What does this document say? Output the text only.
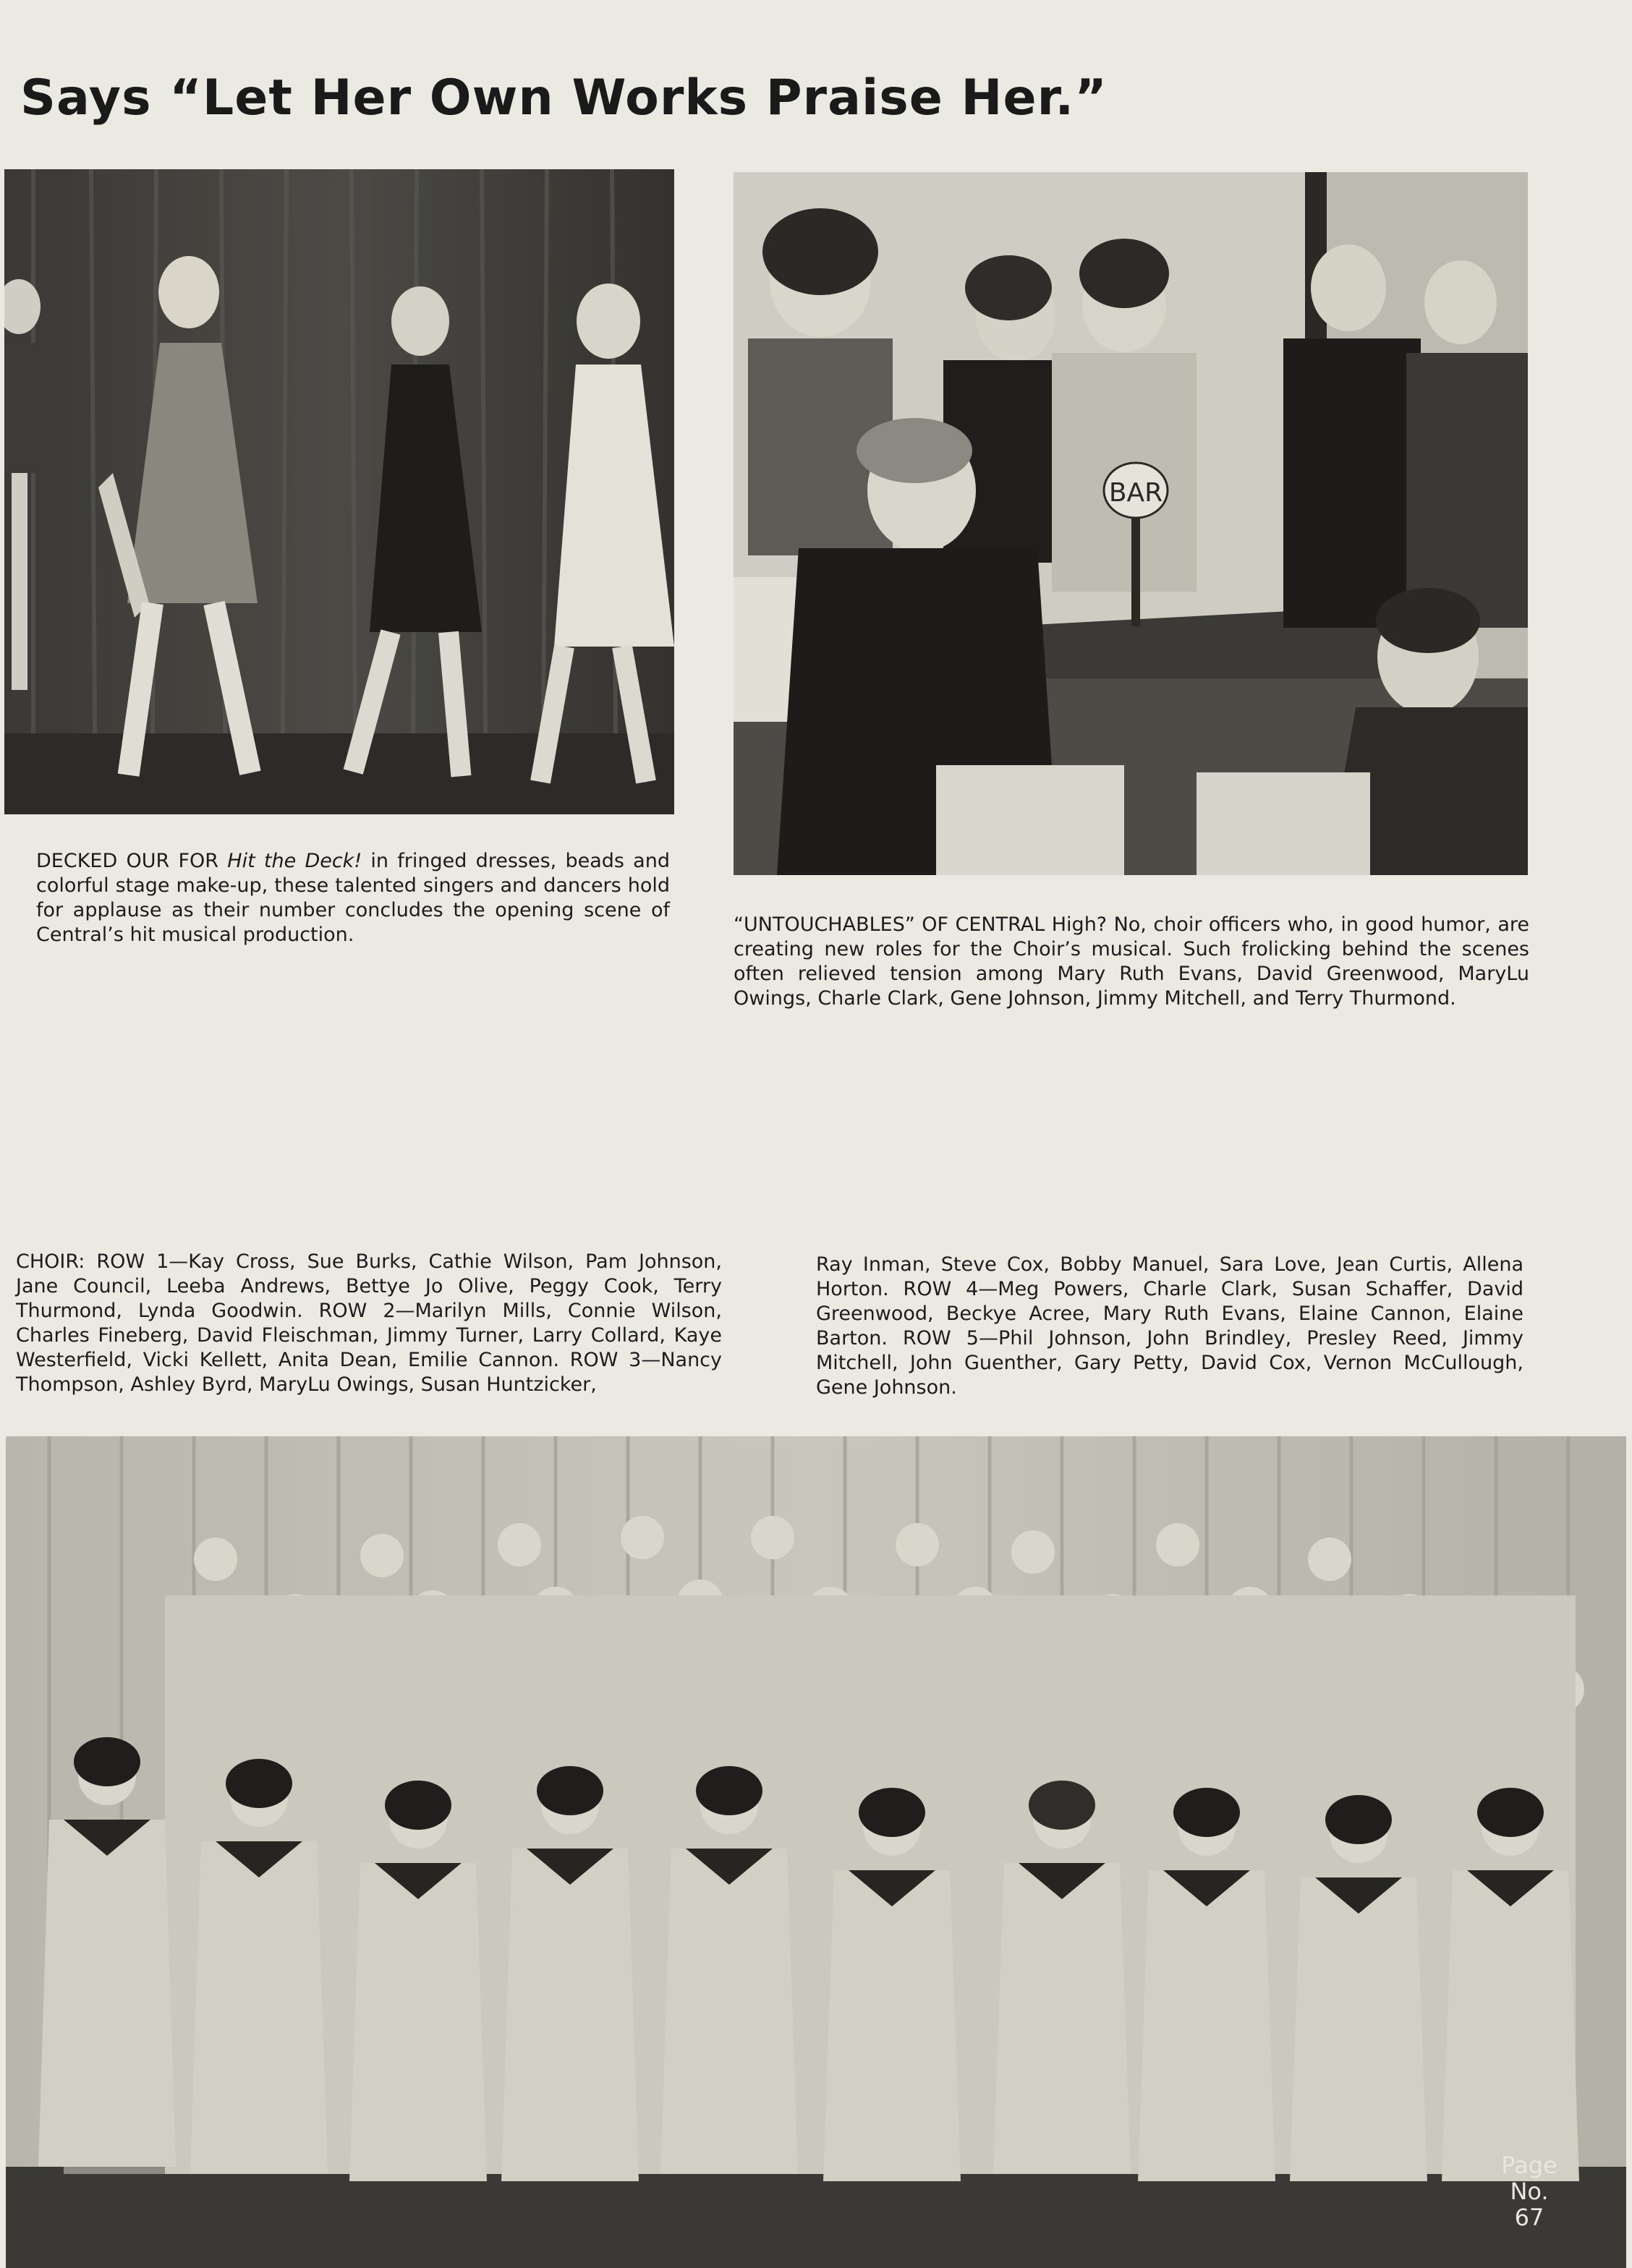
Says “Let Her Own Works Praise Her.”
BAR
DECKED OUR FOR Hit the Deck! in fringed dresses, beads and colorful stage make-up, these talented singers and dancers hold for applause as their number concludes the opening scene of Central’s hit musical production.	“UNTOUCHABLES” OF CENTRAL High? No, choir officers who, in good humor, are creating new roles for the Choir’s musical. Such frolicking behind the scenes often relieved tension among Mary Ruth Evans, David Greenwood, MaryLu Owings, Charle Clark, Gene Johnson, Jimmy Mitchell, and Terry Thurmond.
CHOIR: ROW 1—Kay Cross, Sue Burks, Cathie Wilson, Pam Johnson, Jane Council, Leeba Andrews, Bettye Jo Olive, Peggy Cook, Terry Thurmond, Lynda Goodwin. ROW 2—Marilyn Mills, Connie Wilson, Charles Fineberg, David Fleischman, Jimmy Turner, Larry Collard, Kaye Westerfield, Vicki Kellett, Anita Dean, Emilie Cannon. ROW 3—Nancy Thompson, Ashley Byrd, MaryLu Owings, Susan Huntzicker,
Ray Inman, Steve Cox, Bobby Manuel, Sara Love, Jean Curtis, Allena Horton. ROW 4—Meg Powers, Charle Clark, Susan Schaffer, David Greenwood, Beckye Acree, Mary Ruth Evans, Elaine Cannon, Elaine Barton. ROW 5—Phil Johnson, John Brindley, Presley Reed, Jimmy Mitchell, John Guenther, Gary Petty, David Cox, Vernon McCullough, Gene Johnson.
Page
No.
67
